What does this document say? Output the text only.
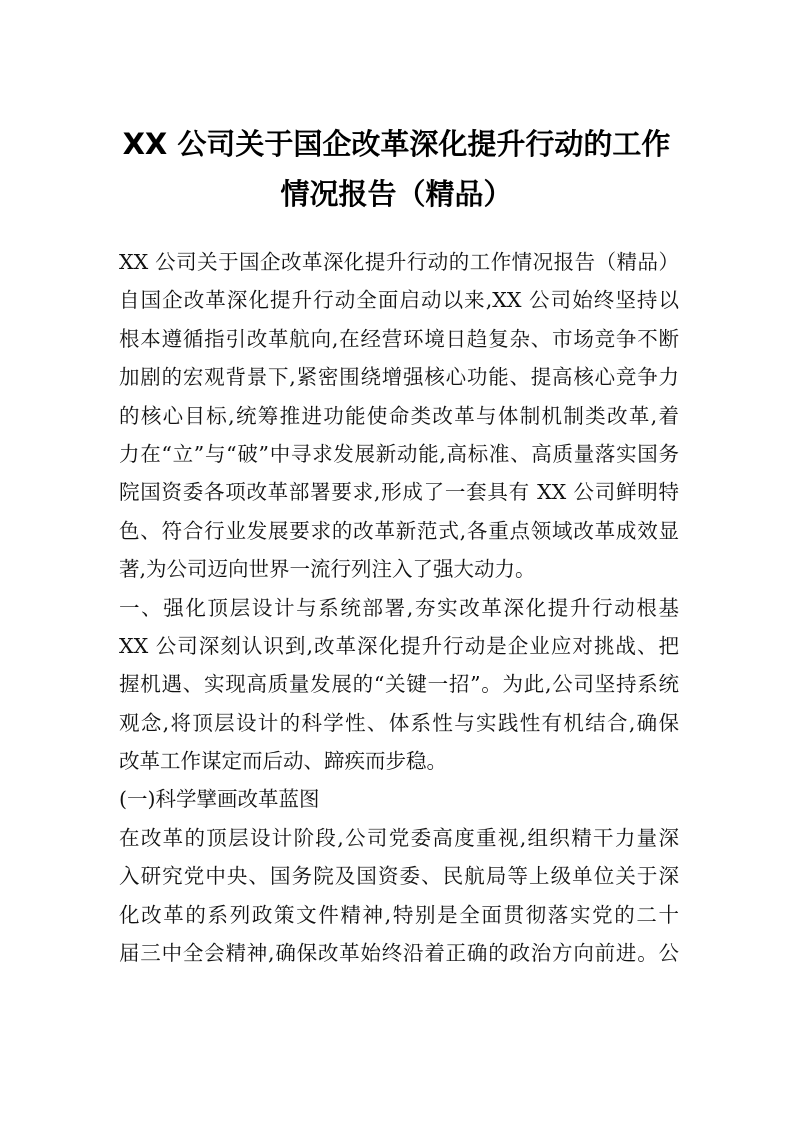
XX 公司关于国企改革深化提升行动的工作
情况报告（精品）
XX 公司关于国企改革深化提升行动的工作情况报告（精品）
自国企改革深化提升行动全面启动以来,XX 公司始终坚持以
根本遵循指引改革航向,在经营环境日趋复杂、市场竞争不断
加剧的宏观背景下,紧密围绕增强核心功能、提高核心竞争力
的核心目标,统筹推进功能使命类改革与体制机制类改革,着
力在“立”与“破”中寻求发展新动能,高标准、高质量落实国务
院国资委各项改革部署要求,形成了一套具有 XX 公司鲜明特
色、符合行业发展要求的改革新范式,各重点领域改革成效显
著,为公司迈向世界一流行列注入了强大动力。
一、强化顶层设计与系统部署,夯实改革深化提升行动根基
XX 公司深刻认识到,改革深化提升行动是企业应对挑战、把
握机遇、实现高质量发展的“关键一招”。为此,公司坚持系统
观念,将顶层设计的科学性、体系性与实践性有机结合,确保
改革工作谋定而后动、蹄疾而步稳。
(一)科学擘画改革蓝图
在改革的顶层设计阶段,公司党委高度重视,组织精干力量深
入研究党中央、国务院及国资委、民航局等上级单位关于深
化改革的系列政策文件精神,特别是全面贯彻落实党的二十
届三中全会精神,确保改革始终沿着正确的政治方向前进。公
